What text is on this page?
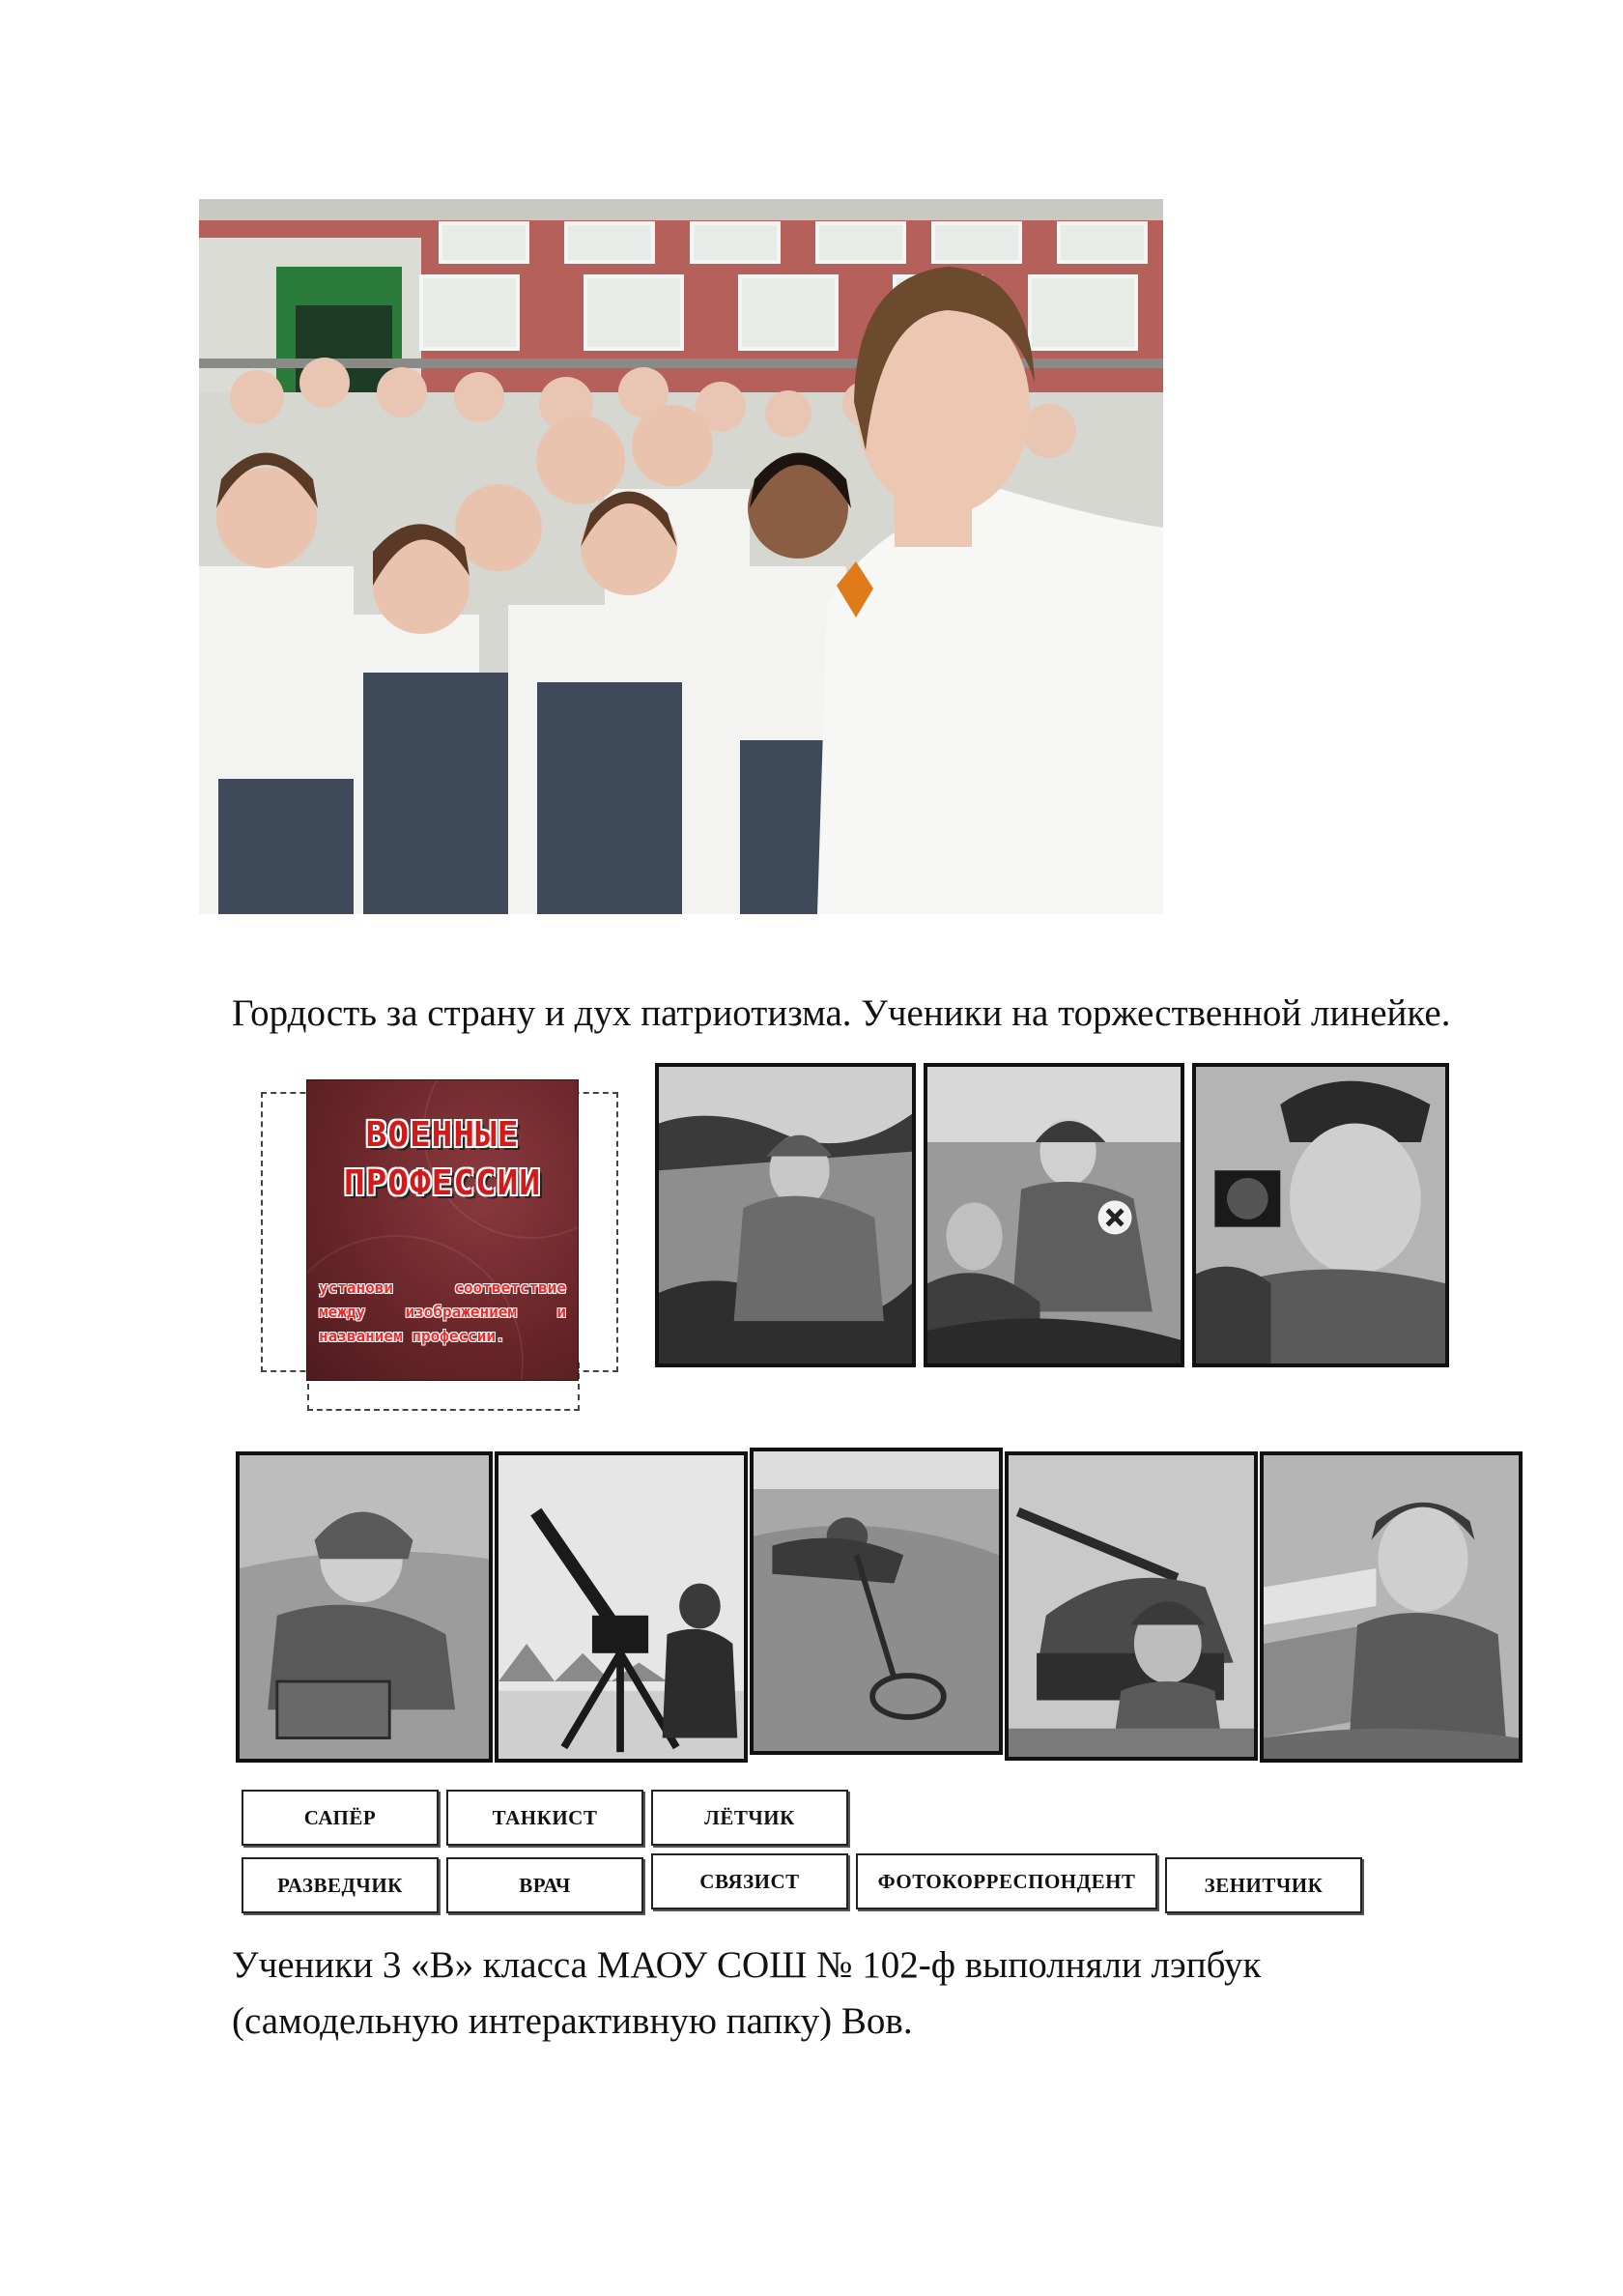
Гордость за страну и дух патриотизма. Ученики на торжественной линейке.
ВОЕННЫЕ
ПРОФЕССИИ
установи соответствие между изображением и названием профессии.
САПЁР	ТАНКИСТ	ЛЁТЧИК
РАЗВЕДЧИК	ВРАЧ	СВЯЗИСТ	ФОТОКОРРЕСПОНДЕНТ	ЗЕНИТЧИК
Ученики 3 «В» класса МАОУ СОШ № 102-ф выполняли лэпбук
(самодельную интерактивную папку) Вов.
